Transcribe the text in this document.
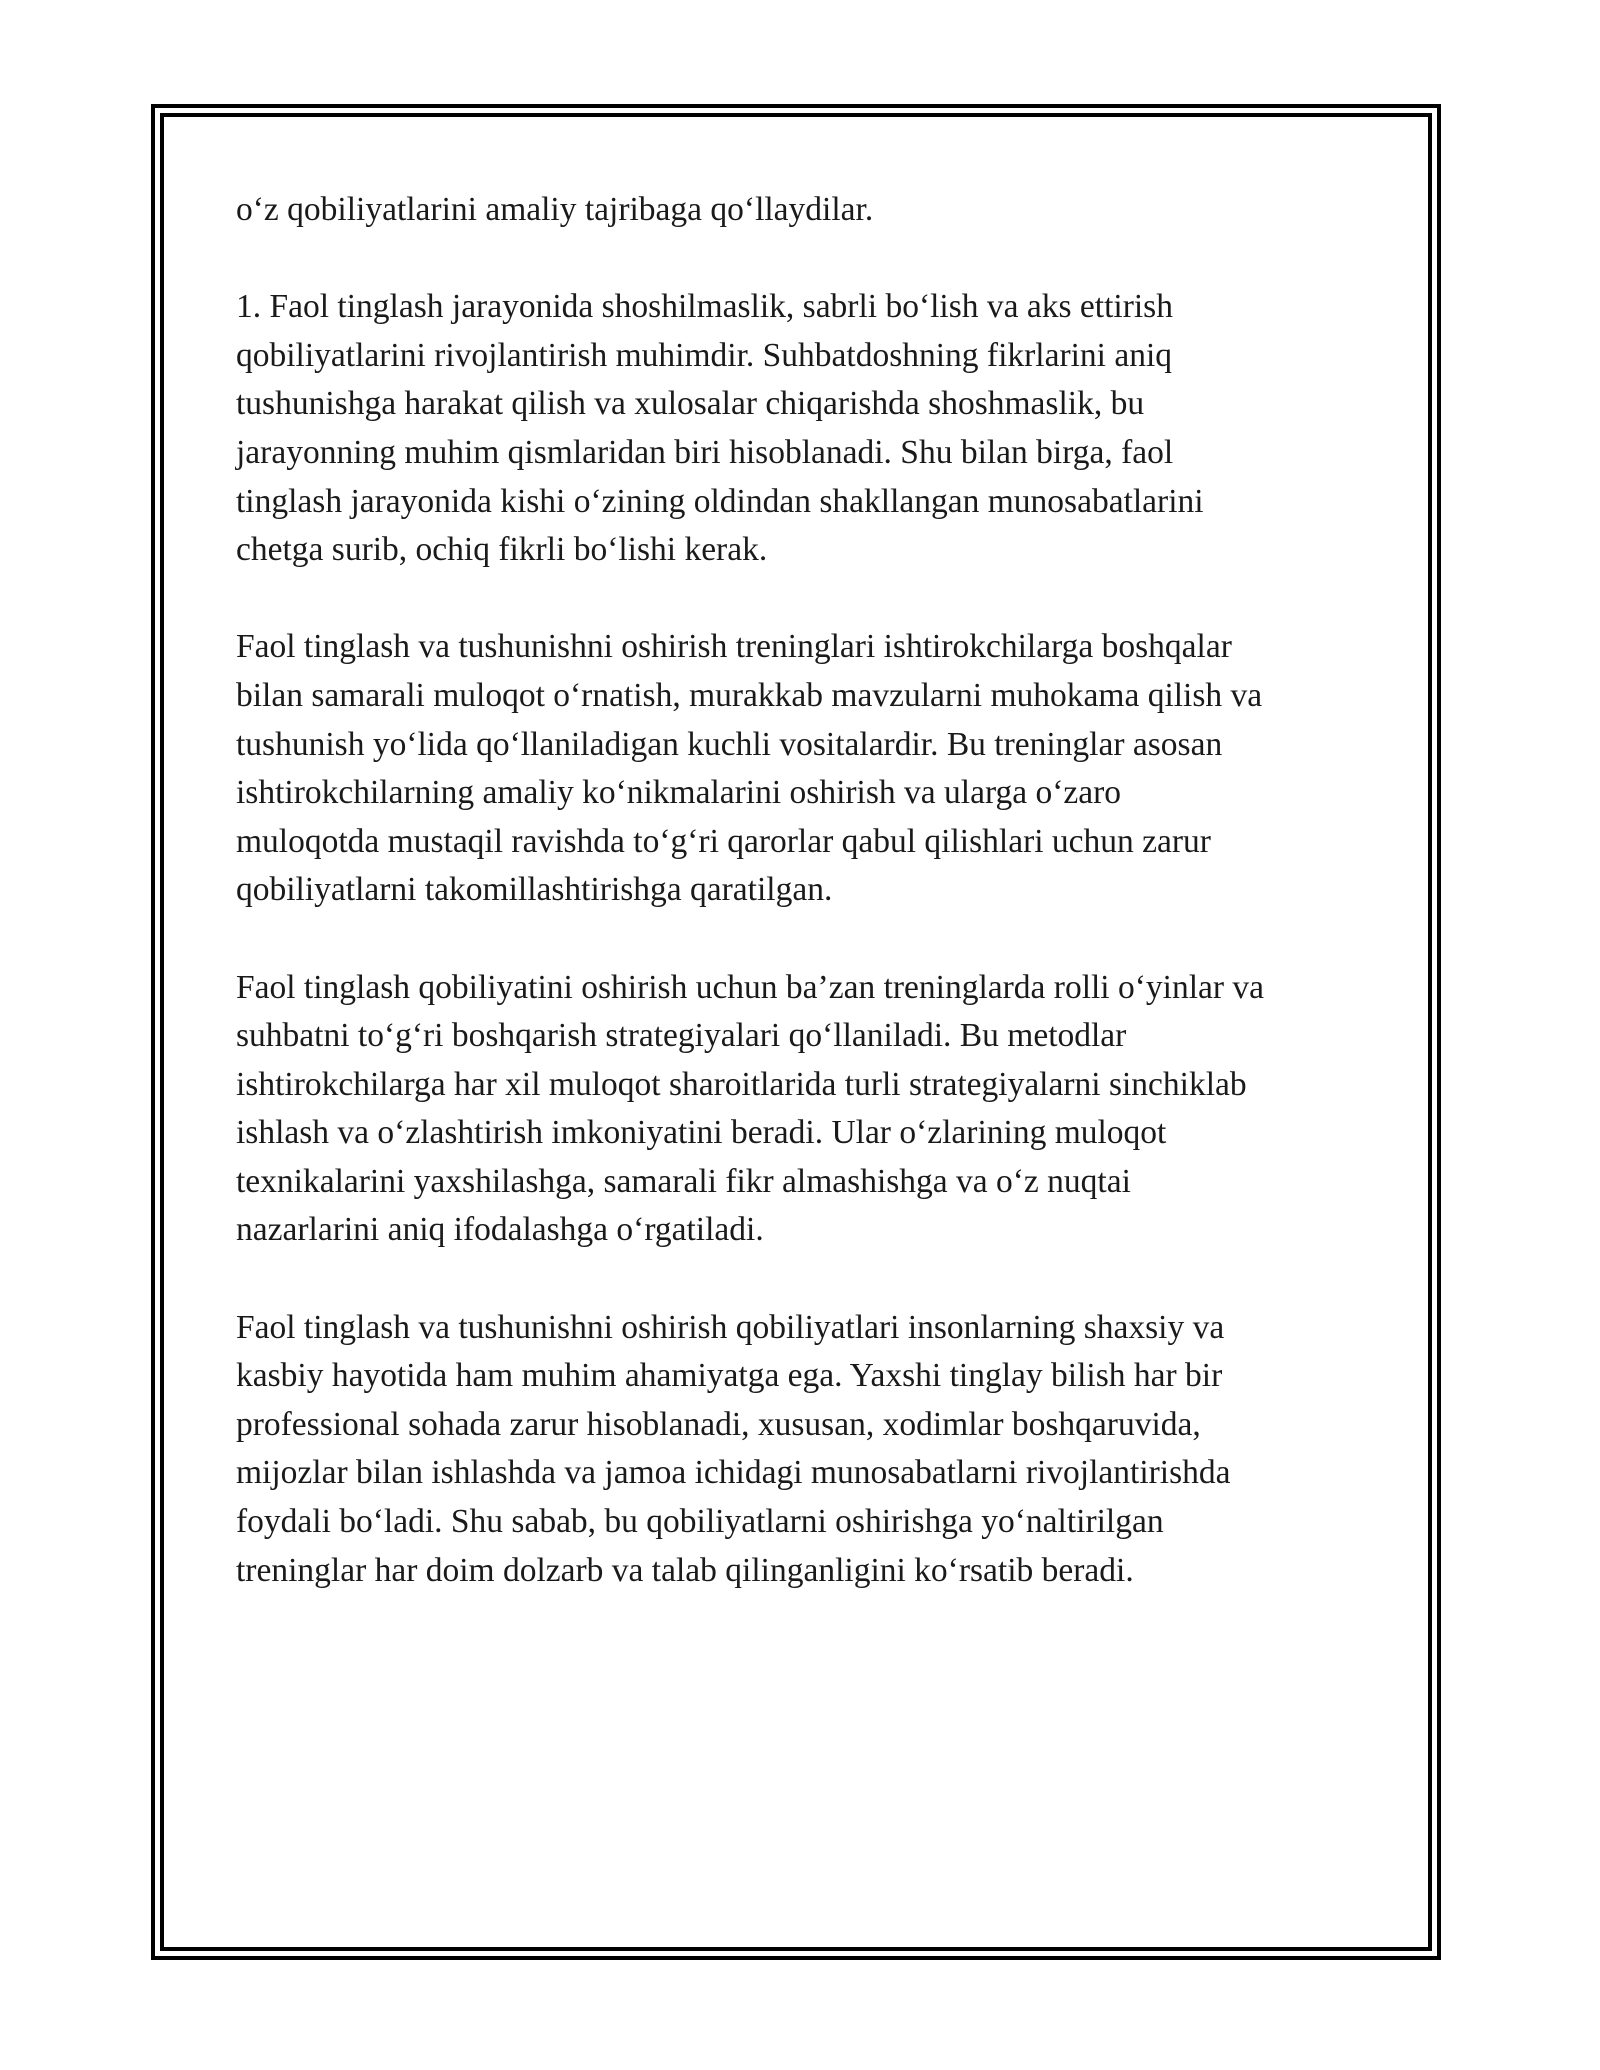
o‘z qobiliyatlarini amaliy tajribaga qo‘llaydilar.

1. Faol tinglash jarayonida shoshilmaslik, sabrli bo‘lish va aks ettirish
qobiliyatlarini rivojlantirish muhimdir. Suhbatdoshning fikrlarini aniq
tushunishga harakat qilish va xulosalar chiqarishda shoshmaslik, bu
jarayonning muhim qismlaridan biri hisoblanadi. Shu bilan birga, faol
tinglash jarayonida kishi o‘zining oldindan shakllangan munosabatlarini
chetga surib, ochiq fikrli bo‘lishi kerak.

Faol tinglash va tushunishni oshirish treninglari ishtirokchilarga boshqalar
bilan samarali muloqot o‘rnatish, murakkab mavzularni muhokama qilish va
tushunish yo‘lida qo‘llaniladigan kuchli vositalardir. Bu treninglar asosan
ishtirokchilarning amaliy ko‘nikmalarini oshirish va ularga o‘zaro
muloqotda mustaqil ravishda to‘g‘ri qarorlar qabul qilishlari uchun zarur
qobiliyatlarni takomillashtirishga qaratilgan.

Faol tinglash qobiliyatini oshirish uchun ba’zan treninglarda rolli o‘yinlar va
suhbatni to‘g‘ri boshqarish strategiyalari qo‘llaniladi. Bu metodlar
ishtirokchilarga har xil muloqot sharoitlarida turli strategiyalarni sinchiklab
ishlash va o‘zlashtirish imkoniyatini beradi. Ular o‘zlarining muloqot
texnikalarini yaxshilashga, samarali fikr almashishga va o‘z nuqtai
nazarlarini aniq ifodalashga o‘rgatiladi.

Faol tinglash va tushunishni oshirish qobiliyatlari insonlarning shaxsiy va
kasbiy hayotida ham muhim ahamiyatga ega. Yaxshi tinglay bilish har bir
professional sohada zarur hisoblanadi, xususan, xodimlar boshqaruvida,
mijozlar bilan ishlashda va jamoa ichidagi munosabatlarni rivojlantirishda
foydali bo‘ladi. Shu sabab, bu qobiliyatlarni oshirishga yo‘naltirilgan
treninglar har doim dolzarb va talab qilinganligini ko‘rsatib beradi.
